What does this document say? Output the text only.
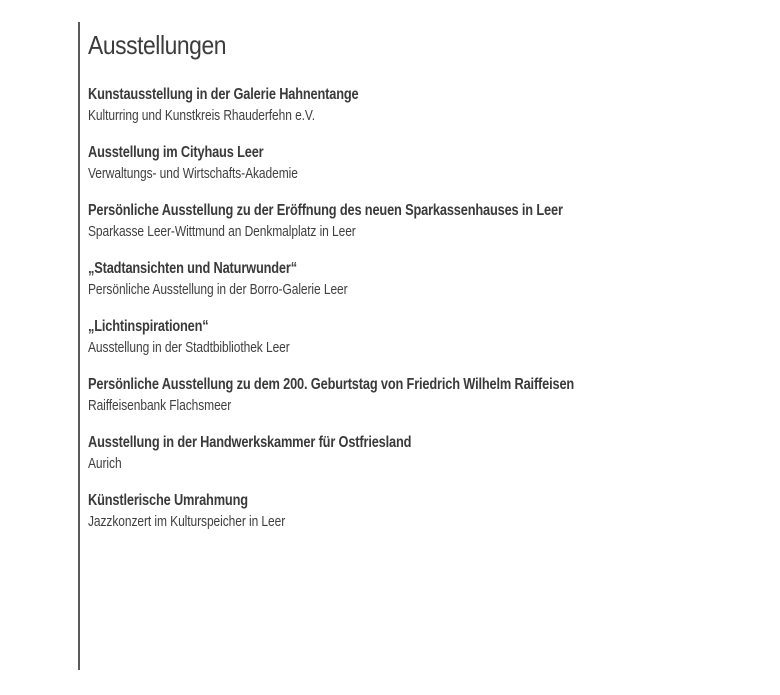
Ausstellungen
Kunstausstellung in der Galerie Hahnentange
Kulturring und Kunstkreis Rhauderfehn e.V.
Ausstellung im Cityhaus Leer
Verwaltungs- und Wirtschafts-Akademie
Persönliche Ausstellung zu der Eröffnung des neuen Sparkassenhauses in Leer
Sparkasse Leer-Wittmund an Denkmalplatz in Leer
„Stadtansichten und Naturwunder“
Persönliche Ausstellung in der Borro-Galerie Leer
„Lichtinspirationen“
Ausstellung in der Stadtbibliothek Leer
Persönliche Ausstellung zu dem 200. Geburtstag von Friedrich Wilhelm Raiffeisen
Raiffeisenbank Flachsmeer
Ausstellung in der Handwerkskammer für Ostfriesland
Aurich
Künstlerische Umrahmung
Jazzkonzert im Kulturspeicher in Leer
